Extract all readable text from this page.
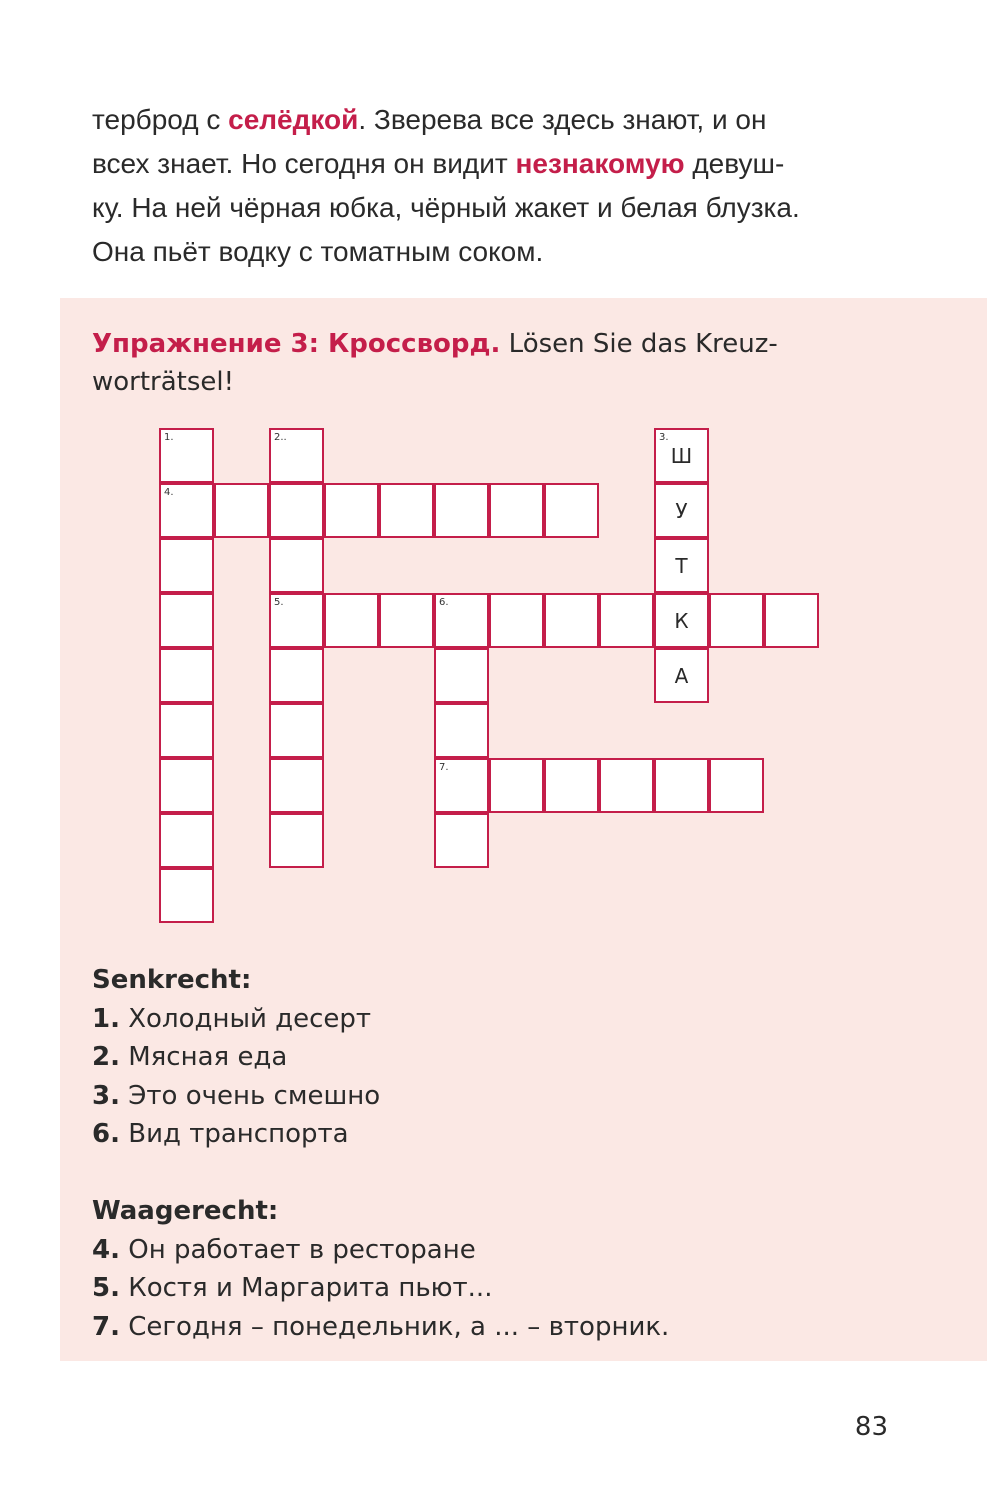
терброд с селёдкой. Зверева все здесь знают, и он
всех знает. Но сегодня он видит незнакомую девуш-
ку. На ней чёрная юбка, чёрный жакет и белая блузка.
Она пьёт водку с томатным соком.

Упражнение 3: Кроссворд. Lösen Sie das Kreuz-worträtsel!
1.	2..	3.
Ш
4.
У
Т
5.	6.
К
А
7.
Senkrecht:
1. Холодный десерт
2. Мясная еда
3. Это очень смешно
6. Вид транспорта
Waagerecht:
4. Он работает в ресторане
5. Костя и Маргарита пьют...
7. Сегодня – понедельник, а ... – вторник.
83
